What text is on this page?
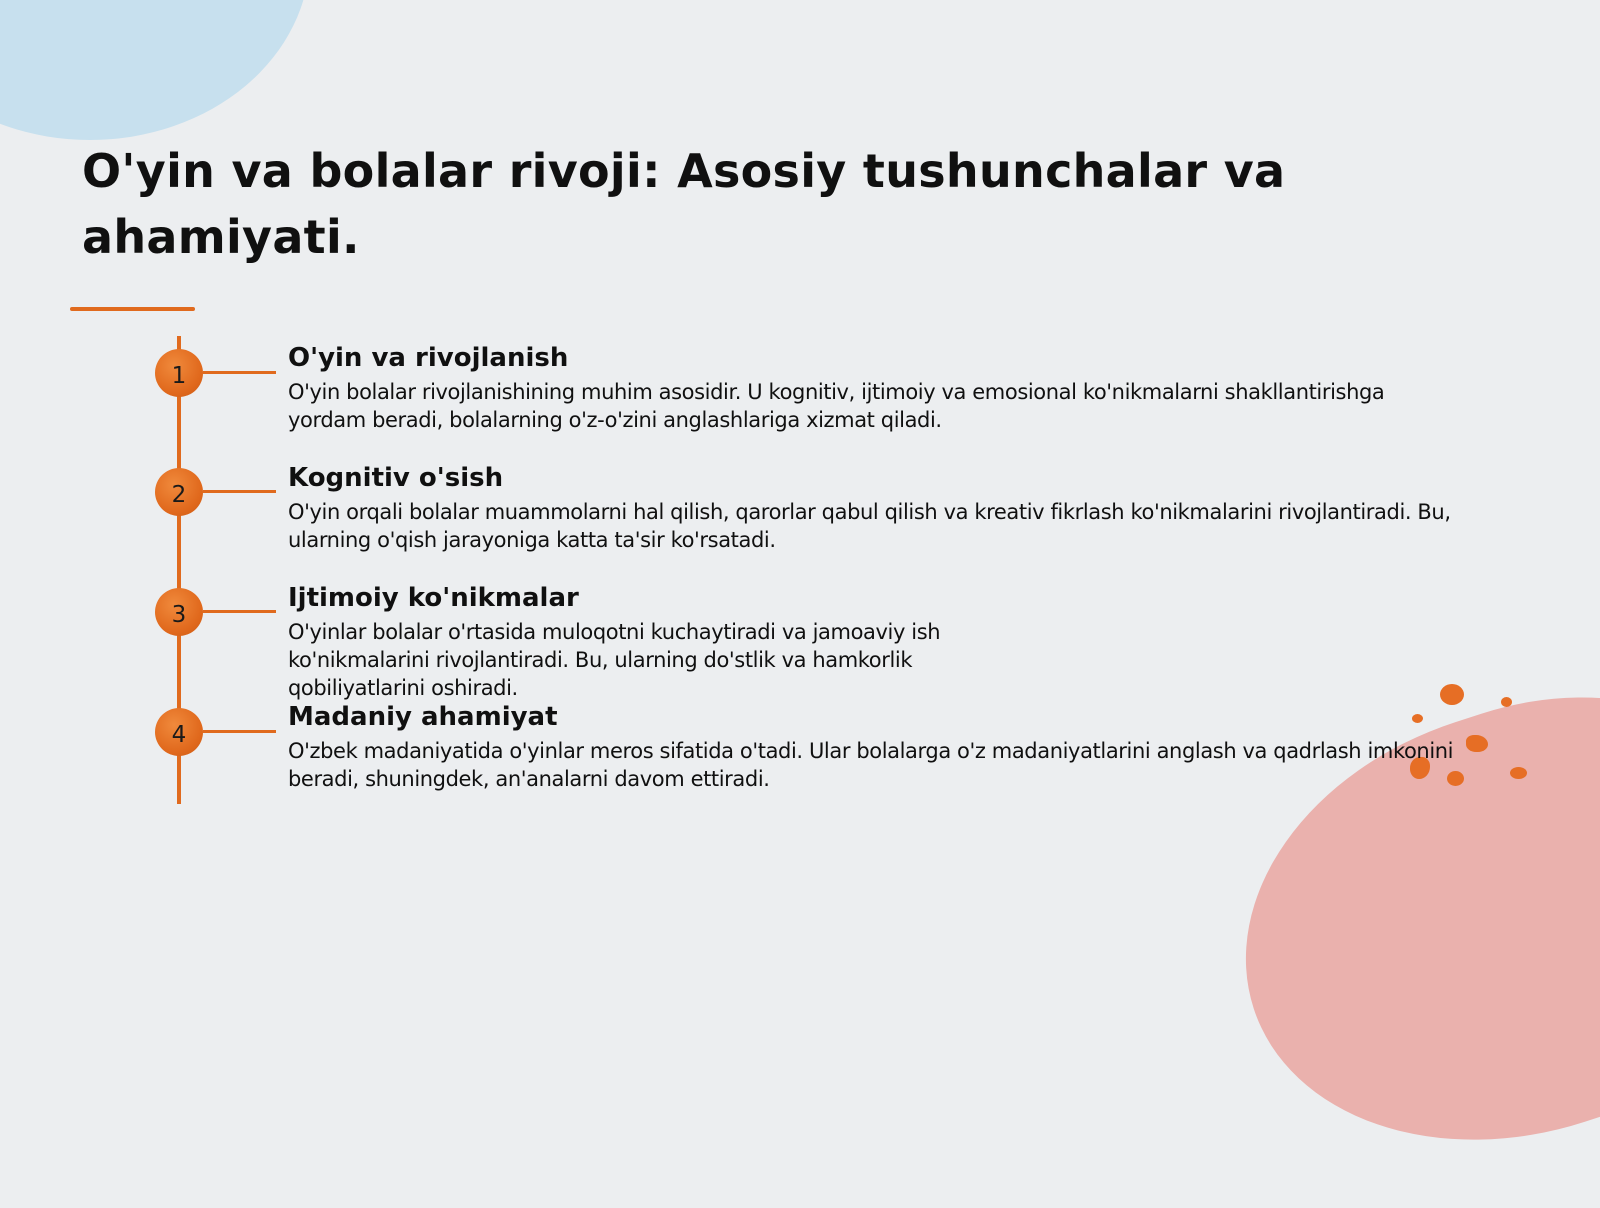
O'yin va bolalar rivoji: Asosiy tushunchalar va ahamiyati.
1
O'yin va rivojlanish

O'yin bolalar rivojlanishining muhim asosidir. U kognitiv, ijtimoiy va emosional ko'nikmalarni shakllantirishga yordam beradi, bolalarning o'z-o'zini anglashlariga xizmat qiladi.

2
Kognitiv o'sish

O'yin orqali bolalar muammolarni hal qilish, qarorlar qabul qilish va kreativ fikrlash ko'nikmalarini rivojlantiradi. Bu, ularning o'qish jarayoniga katta ta'sir ko'rsatadi.

3
Ijtimoiy ko'nikmalar

O'yinlar bolalar o'rtasida muloqotni kuchaytiradi va jamoaviy ish ko'nikmalarini rivojlantiradi. Bu, ularning do'stlik va hamkorlik qobiliyatlarini oshiradi.

4
Madaniy ahamiyat

O'zbek madaniyatida o'yinlar meros sifatida o'tadi. Ular bolalarga o'z madaniyatlarini anglash va qadrlash imkonini beradi, shuningdek, an'analarni davom ettiradi.
